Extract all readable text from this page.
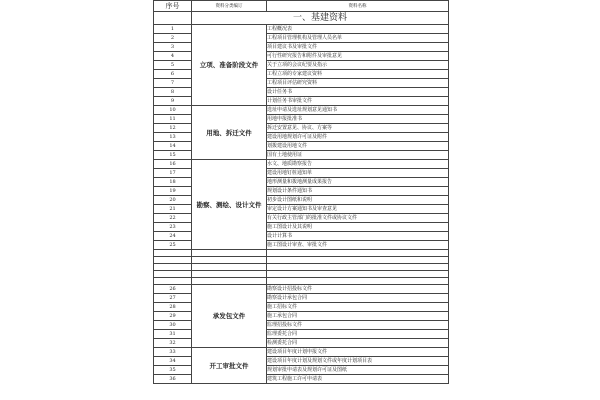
序号	资料分类编订	资料名称
	一、基建资料	
1	立项、准备阶段文件	工程概况表
2		工程项目管理机构及管理人员名单
3		项目建议书及审批文件
4		可行性研究报告和附件及审批意见
5		关于立项的会议纪要及指示
6		工程立项的专家建议资料
7		工程项目评估研究资料
8		设计任务书
9		计划任务书审批文件
10	用地、拆迁文件	选址申请及选址规划意见通知书
11		用地申报批准书
12		拆迁安置意见、协议、方案等
13		建设用地规划许可证及附件
14		划拨建设用地文件
15		国有土地使用证
16	勘察、测绘、设计文件	水文、地质勘察报告
17		建设用地钉桩通知单
18		地形测量和拨地测量成果报告
19		规划设计条件通知书
20		初步设计图纸和说明
21		审定设计方案通知书及审查意见
22		有关行政主管部门的批准文件或协议文件
23		施工图设计及其说明
24		设计计算书
25		施工图设计审查、审批文件

26	承发包文件	勘察设计招投标文件
27		勘察设计承包合同
28		施工招标文件
29		施工承包合同
30		监理招投标文件
31		监理委托合同
32		检测委托合同
33	开工审批文件	建设项目年度计划申报文件
34		建设项目年度计划及规划文件或年度计划项目表
35		规划审批申请表及规划许可证及图纸
36		建筑工程施工许可申请表
